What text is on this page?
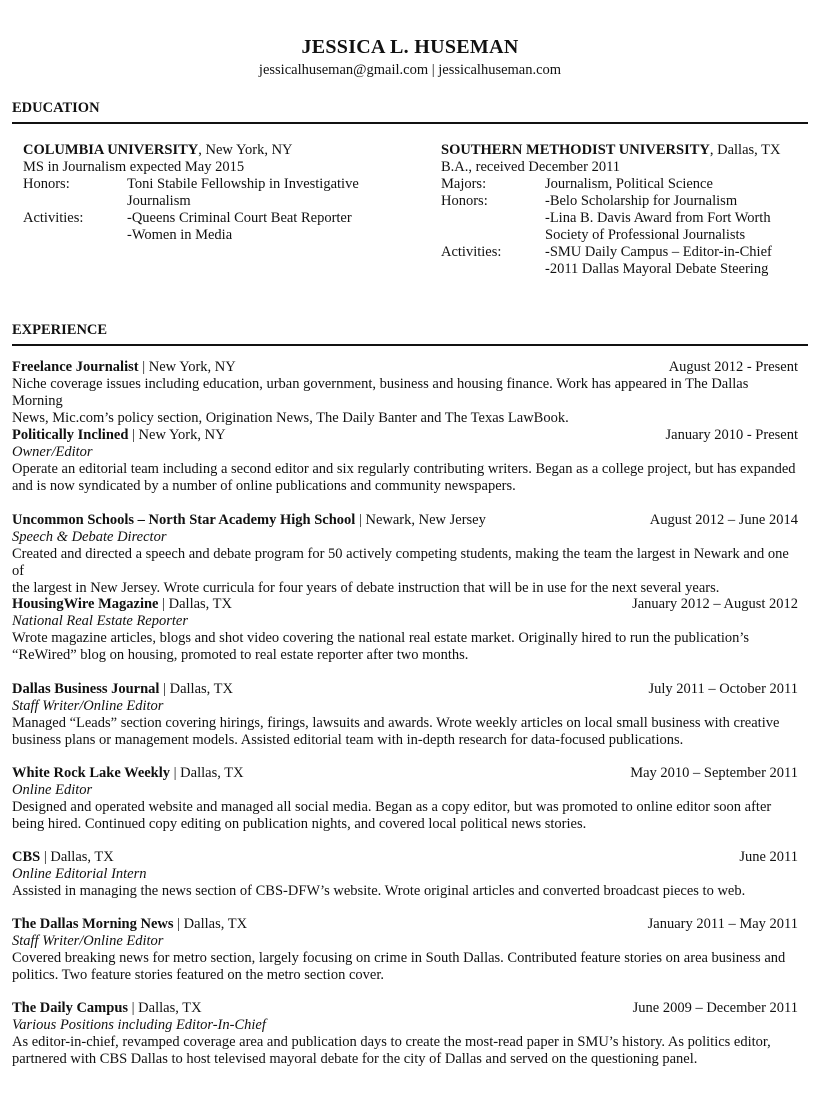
JESSICA L. HUSEMAN
jessicalhuseman@gmail.com | jessicalhuseman.com
EDUCATION
COLUMBIA UNIVERSITY, New York, NY
MS in Journalism expected May 2015
Honors:	Toni Stabile Fellowship in Investigative
Journalism
Activities:	-Queens Criminal Court Beat Reporter
-Women in Media
SOUTHERN METHODIST UNIVERSITY, Dallas, TX
B.A., received December 2011
Majors:	Journalism, Political Science
Honors:	-Belo Scholarship for Journalism
-Lina B. Davis Award from Fort Worth
Society of Professional Journalists
Activities:	-SMU Daily Campus – Editor-in-Chief
-2011 Dallas Mayoral Debate Steering
EXPERIENCE
Freelance Journalist | New York, NY	August 2012 - Present
Niche coverage issues including education, urban government, business and housing finance. Work has appeared in The Dallas Morning
News, Mic.com’s policy section, Origination News, The Daily Banter and The Texas LawBook.
Politically Inclined | New York, NY	January 2010 - Present
Owner/Editor
Operate an editorial team including a second editor and six regularly contributing writers. Began as a college project, but has expanded
and is now syndicated by a number of online publications and community newspapers.
Uncommon Schools – North Star Academy High School | Newark, New Jersey	August 2012 – June 2014
Speech & Debate Director
Created and directed a speech and debate program for 50 actively competing students, making the team the largest in Newark and one of
the largest in New Jersey. Wrote curricula for four years of debate instruction that will be in use for the next several years.
HousingWire Magazine | Dallas, TX	January 2012 – August 2012
National Real Estate Reporter
Wrote magazine articles, blogs and shot video covering the national real estate market. Originally hired to run the publication’s
“ReWired” blog on housing, promoted to real estate reporter after two months.
Dallas Business Journal | Dallas, TX	July 2011 – October 2011
Staff Writer/Online Editor
Managed “Leads” section covering hirings, firings, lawsuits and awards. Wrote weekly articles on local small business with creative
business plans or management models. Assisted editorial team with in-depth research for data-focused publications.
White Rock Lake Weekly | Dallas, TX	May 2010 – September 2011
Online Editor
Designed and operated website and managed all social media. Began as a copy editor, but was promoted to online editor soon after
being hired. Continued copy editing on publication nights, and covered local political news stories.
CBS | Dallas, TX	June 2011
Online Editorial Intern
Assisted in managing the news section of CBS-DFW’s website. Wrote original articles and converted broadcast pieces to web.
The Dallas Morning News | Dallas, TX	January 2011 – May 2011
Staff Writer/Online Editor
Covered breaking news for metro section, largely focusing on crime in South Dallas. Contributed feature stories on area business and
politics. Two feature stories featured on the metro section cover.
The Daily Campus | Dallas, TX	June 2009 – December 2011
Various Positions including Editor-In-Chief
As editor-in-chief, revamped coverage area and publication days to create the most-read paper in SMU’s history. As politics editor,
partnered with CBS Dallas to host televised mayoral debate for the city of Dallas and served on the questioning panel.
